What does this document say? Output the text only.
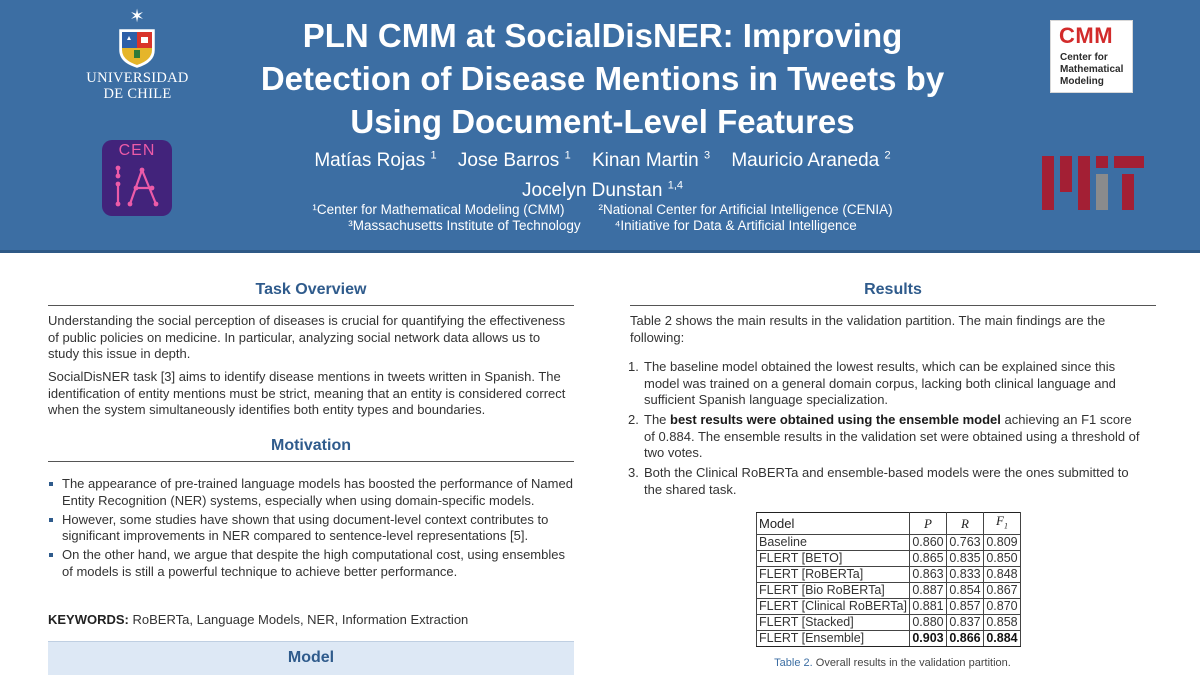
✶
UNIVERSIDAD
DE CHILE
CEN
PLN CMM at SocialDisNER: Improving Detection of Disease Mentions in Tweets by Using Document-Level Features
Matías Rojas $^1$ Jose Barros $^1$ Kinan Martin $^3$ Mauricio Araneda $^2$
Jocelyn Dunstan $^{1,4}$
¹Center for Mathematical Modeling (CMM)	²National Center for Artificial Intelligence (CENIA)
³Massachusetts Institute of Technology	⁴Initiative for Data & Artificial Intelligence
CMM
Center for Mathematical Modeling
Task Overview

Understanding the social perception of diseases is crucial for quantifying the effectiveness of public policies on medicine. In particular, analyzing social network data allows us to study this issue in depth.

SocialDisNER task [3] aims to identify disease mentions in tweets written in Spanish. The identification of entity mentions must be strict, meaning that an entity is considered correct when the system simultaneously identifies both entity types and boundaries.

Motivation
The appearance of pre-trained language models has boosted the performance of Named Entity Recognition (NER) systems, especially when using domain-specific models.
However, some studies have shown that using document-level context contributes to significant improvements in NER compared to sentence-level representations [5].
On the other hand, we argue that despite the high computational cost, using ensembles of models is still a powerful technique to achieve better performance.

KEYWORDS: RoBERTa, Language Models, NER, Information Extraction

Model
Results

Table 2 shows the main results in the validation partition. The main findings are the following:

1. The baseline model obtained the lowest results, which can be explained since this model was trained on a general domain corpus, lacking both clinical language and sufficient Spanish language specialization.
2. The best results were obtained using the ensemble model achieving an F1 score of 0.884. The ensemble results in the validation set were obtained using a threshold of two votes.
3. Both the Clinical RoBERTa and ensemble-based models were the ones submitted to the shared task.
Model	P	R	$F_1$
Baseline	0.860	0.763	0.809
FLERT [BETO]	0.865	0.835	0.850
FLERT [RoBERTa]	0.863	0.833	0.848
FLERT [Bio RoBERTa]	0.887	0.854	0.867
FLERT [Clinical RoBERTa]	0.881	0.857	0.870
FLERT [Stacked]	0.880	0.837	0.858
FLERT [Ensemble]	0.903	0.866	0.884
Table 2. Overall results in the validation partition.
